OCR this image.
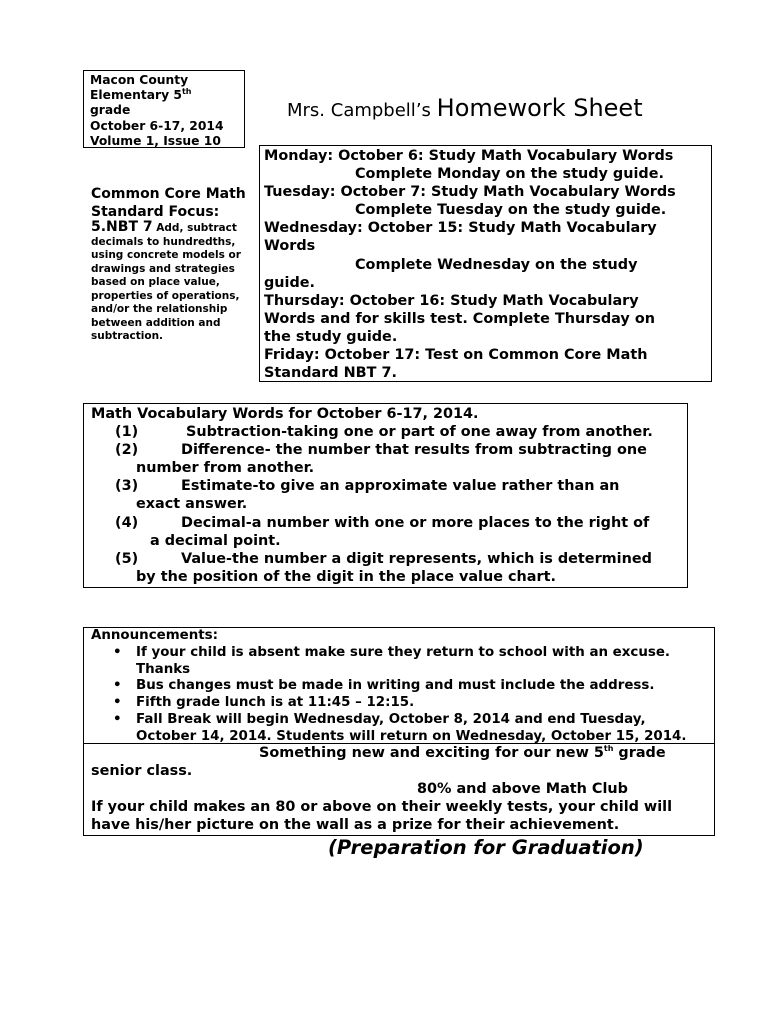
Macon County
Elementary 5th
grade
October 6-17, 2014
Volume 1, Issue 10
Mrs. Campbell’s Homework Sheet
Common Core Math
Standard Focus:
5.NBT 7 Add, subtract
decimals to hundredths, using concrete models or drawings and strategies based on place value, properties of operations, and/or the relationship between addition and subtraction.
Monday: October 6: Study Math Vocabulary Words
Complete Monday on the study guide.
Tuesday: October 7: Study Math Vocabulary Words
Complete Tuesday on the study guide.
Wednesday: October 15: Study Math Vocabulary
Words
Complete Wednesday on the study
guide.
Thursday: October 16: Study Math Vocabulary
Words and for skills test. Complete Thursday on
the study guide.
Friday: October 17: Test on Common Core Math
Standard NBT 7.
Math Vocabulary Words for October 6-17, 2014.
(1)	Subtraction-taking one or part of one away from another.
(2)	Difference- the number that results from subtracting one
number from another.
(3)	Estimate-to give an approximate value rather than an
exact answer.
(4)	Decimal-a number with one or more places to the right of
a decimal point.
(5)	Value-the number a digit represents, which is determined
by the position of the digit in the place value chart.
Announcements:
• If your child is absent make sure they return to school with an excuse.
Thanks
• Bus changes must be made in writing and must include the address.
• Fifth grade lunch is at 11:45 – 12:15.
• Fall Break will begin Wednesday, October 8, 2014 and end Tuesday,
October 14, 2014. Students will return on Wednesday, October 15, 2014.
Something new and exciting for our new 5th grade
senior class.
80% and above Math Club
If your child makes an 80 or above on their weekly tests, your child will
have his/her picture on the wall as a prize for their achievement.
(Preparation for Graduation)
